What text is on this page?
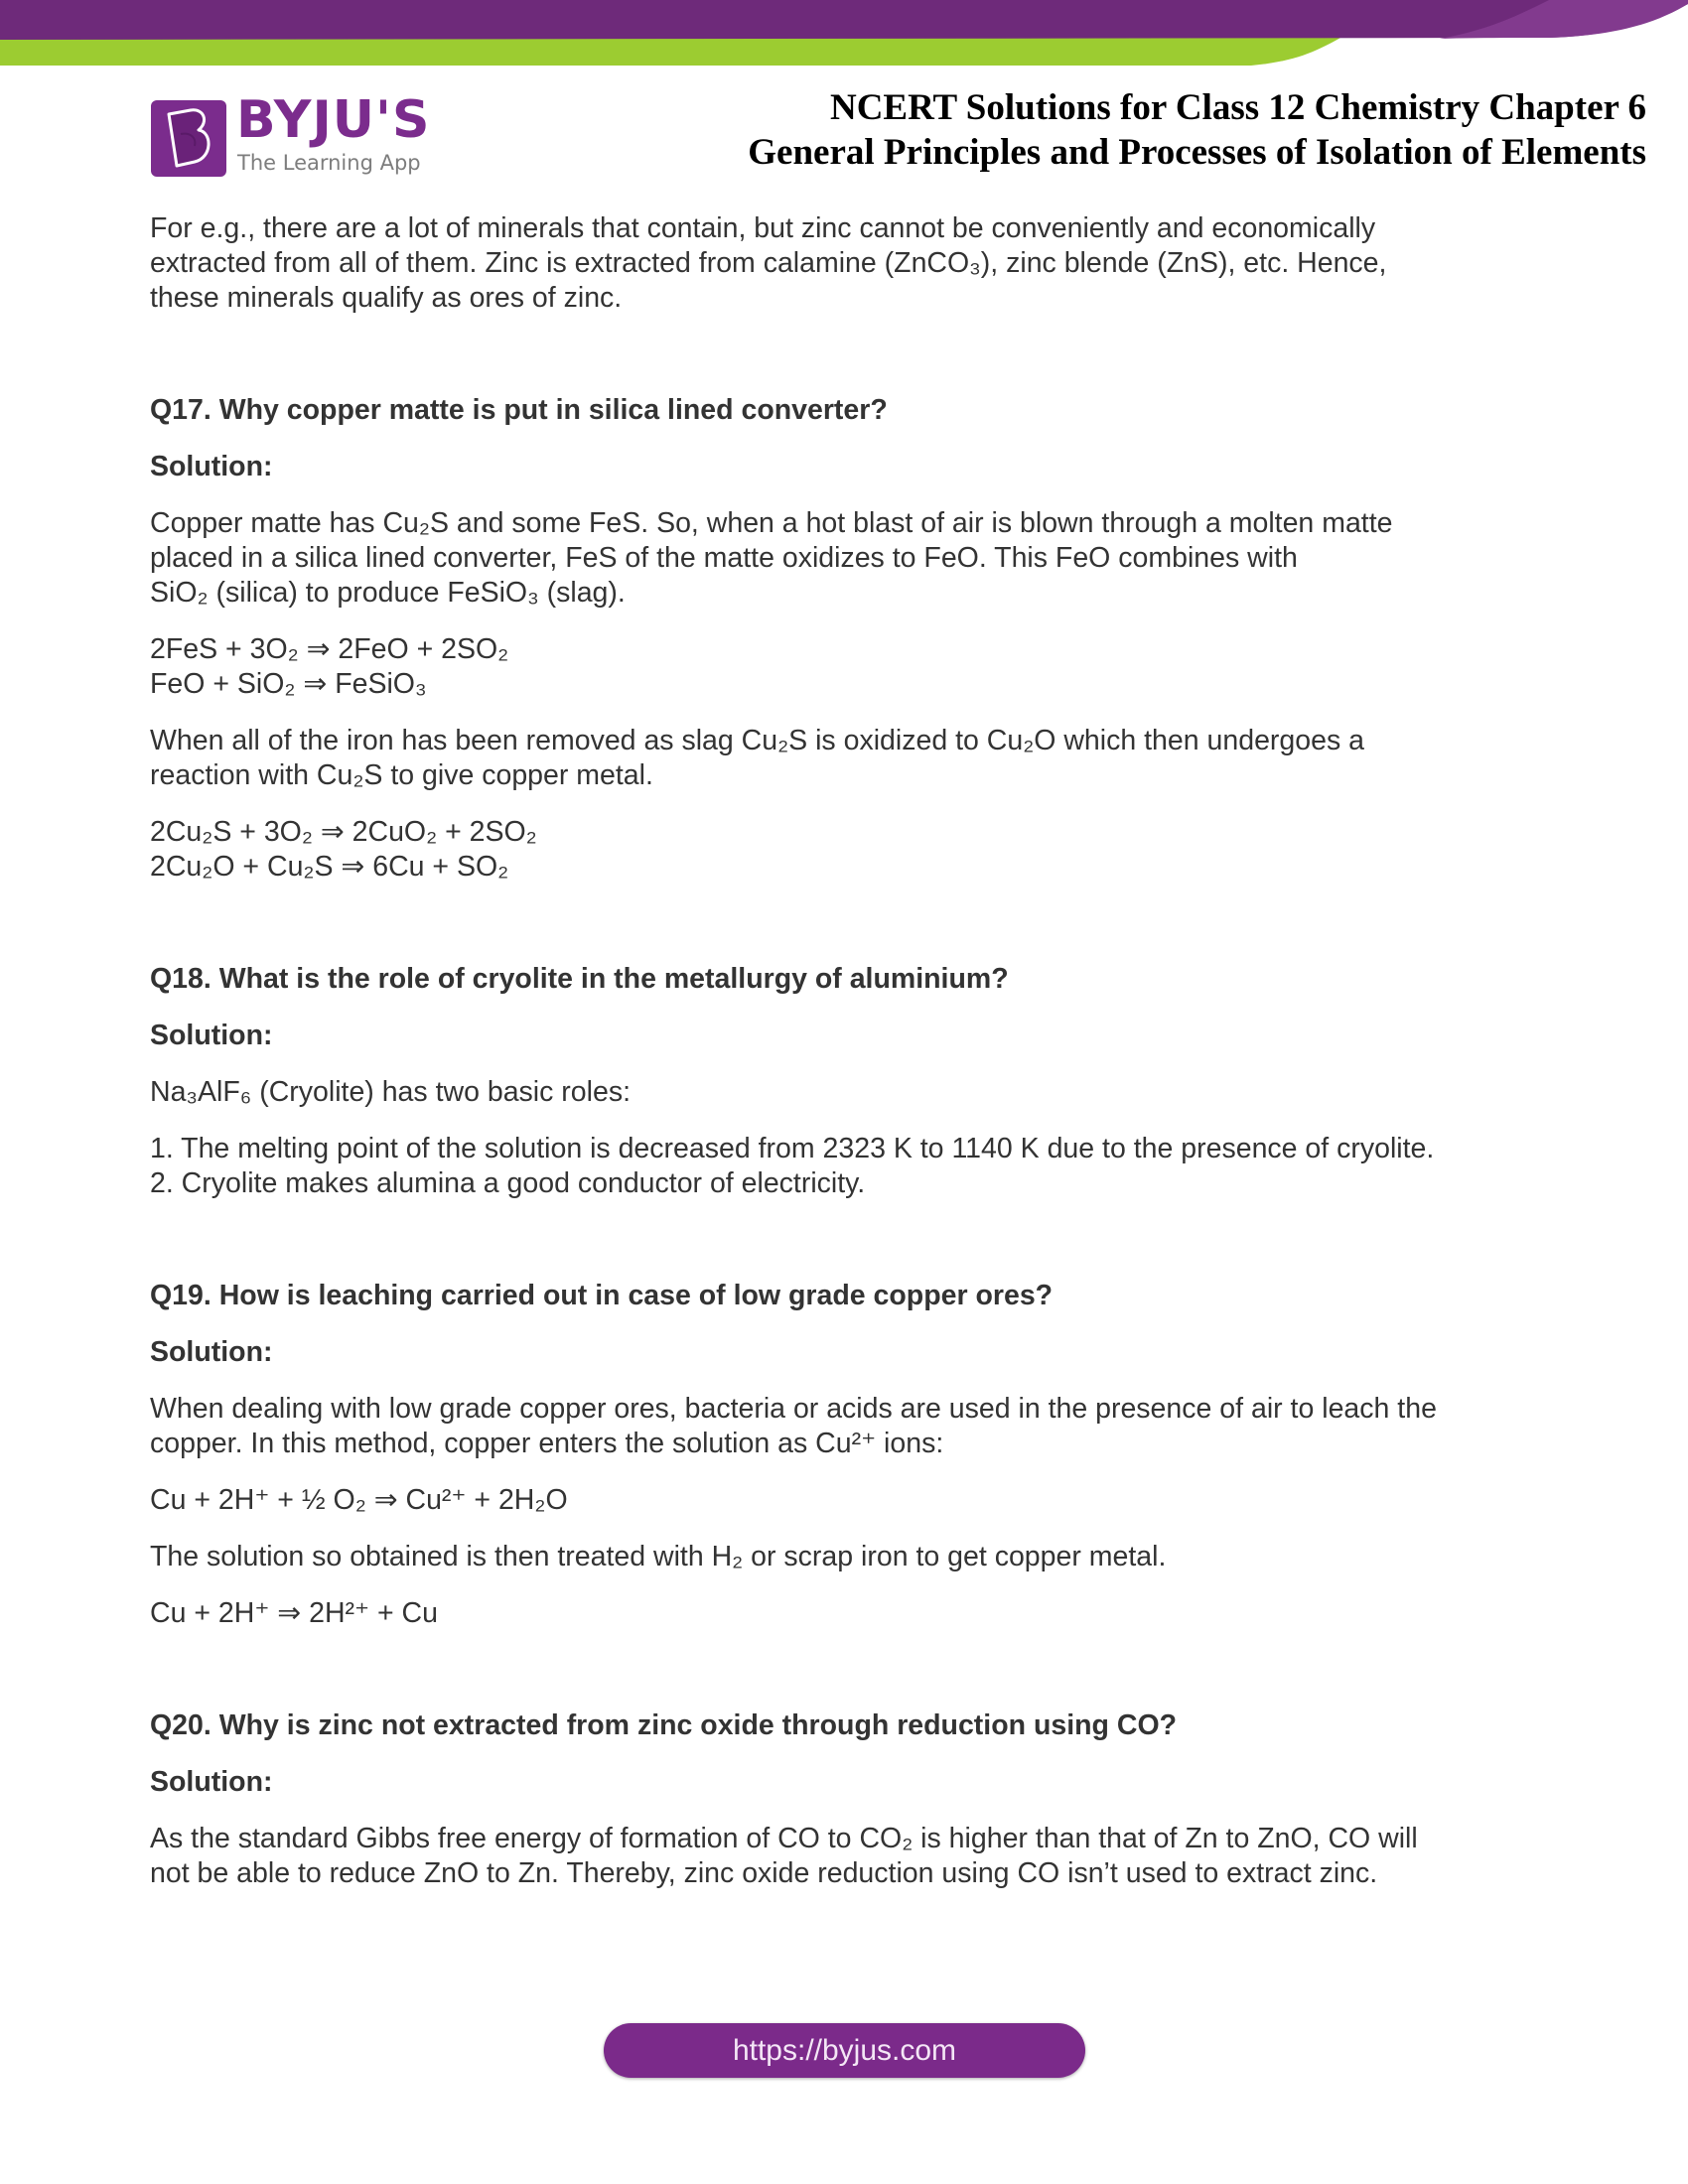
BYJU'S
The Learning App
NCERT Solutions for Class 12 Chemistry Chapter 6
General Principles and Processes of Isolation of Elements

For e.g., there are a lot of minerals that contain, but zinc cannot be conveniently and economically

extracted from all of them. Zinc is extracted from calamine (ZnCO₃), zinc blende (ZnS), etc. Hence,

these minerals qualify as ores of zinc.

Q17. Why copper matte is put in silica lined converter?

Solution:

Copper matte has Cu₂S and some FeS. So, when a hot blast of air is blown through a molten matte

placed in a silica lined converter, FeS of the matte oxidizes to FeO. This FeO combines with

SiO₂ (silica) to produce FeSiO₃ (slag).

2FeS + 3O₂ ⇒ 2FeO + 2SO₂

FeO + SiO₂ ⇒ FeSiO₃

When all of the iron has been removed as slag Cu₂S is oxidized to Cu₂O which then undergoes a

reaction with Cu₂S to give copper metal.

2Cu₂S + 3O₂ ⇒ 2CuO₂ + 2SO₂

2Cu₂O + Cu₂S ⇒ 6Cu + SO₂

Q18. What is the role of cryolite in the metallurgy of aluminium?

Solution:

Na₃AlF₆ (Cryolite) has two basic roles:

1. The melting point of the solution is decreased from 2323 K to 1140 K due to the presence of cryolite.

2. Cryolite makes alumina a good conductor of electricity.

Q19. How is leaching carried out in case of low grade copper ores?

Solution:

When dealing with low grade copper ores, bacteria or acids are used in the presence of air to leach the

copper. In this method, copper enters the solution as Cu²⁺ ions:

Cu + 2H⁺ + ½ O₂ ⇒ Cu²⁺ + 2H₂O

The solution so obtained is then treated with H₂ or scrap iron to get copper metal.

Cu + 2H⁺ ⇒ 2H²⁺ + Cu

Q20. Why is zinc not extracted from zinc oxide through reduction using CO?

Solution:

As the standard Gibbs free energy of formation of CO to CO₂ is higher than that of Zn to ZnO, CO will

not be able to reduce ZnO to Zn. Thereby, zinc oxide reduction using CO isn’t used to extract zinc.

https://byjus.com
